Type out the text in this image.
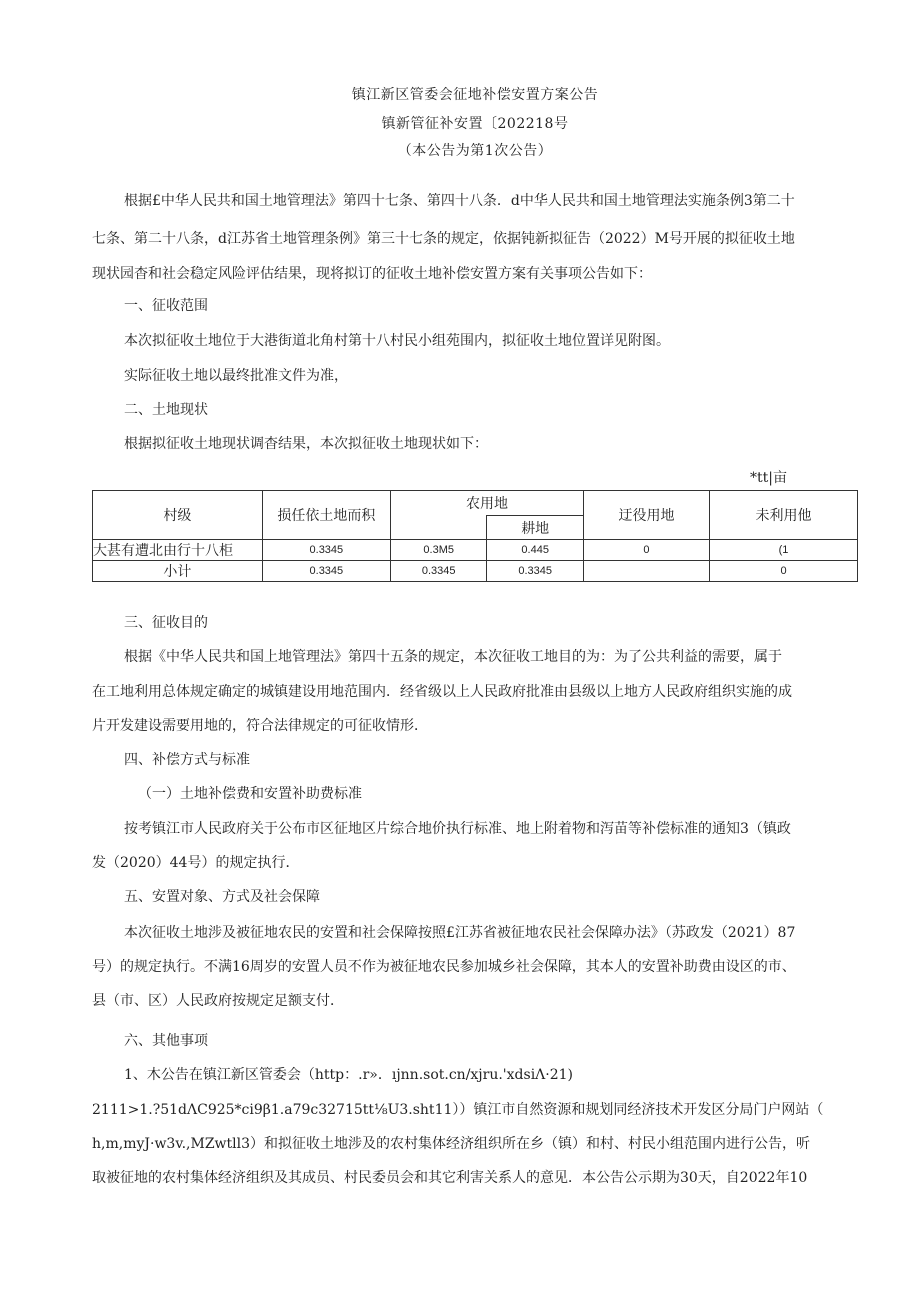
镇江新区管委会征地补偿安置方案公告
镇新管征补安置〔202218号
（本公告为第1次公告）
根据£中华人民共和国土地管理法》第四十七条、第四十八条．d中华人民共和国土地管理法实施条例3第二十
七条、第二十八条，d江苏省土地管理条例》第三十七条的规定，依据钝新拟征告（2022）M号开展的拟征收土地
现状园杳和社会稳定风险评估结果，现将拟订的征收土地补偿安置方案有关事项公告如下：
一、征收范围
本次拟征收土地位于大港街道北角村第十八村民小组苑围内，拟征收土地位置详见附图。
实际征收土地以最终批准文件为准，
二、土地现状
根据拟征收土地现状调杳结果，本次拟征收土地现状如下：
*tt|亩
村级	损任依土地而积	农用地		迂役用地	未利用他
			耕地		
大甚有遭北由行十八柜	0.3345	0.3M5	0.445	0	(1
小计	0.3345	0.3345	0.3345		0
三、征收目的
根据《中华人民共和国上地管理法》第四十五条的规定，本次征收工地目的为：为了公共利益的需要，属于
在工地利用总体规定确定的城镇建设用地范围内．经省级以上人民政府批准由县级以上地方人民政府组织实施的成
片开发建设需要用地的，符合法律规定的可征收情形．
四、补偿方式与标准
（一）土地补偿费和安置补助费标准
按考镇江市人民政府关于公布市区征地区片综合地价执行标准、地上附着物和泻苗等补偿标准的通知3（镇政
发（2020）44号）的规定执行．
五、安置对象、方式及社会保障
本次征收土地涉及被征地农民的安置和社会保障按照£江苏省被征地农民社会保障办法》（苏政发（2021）87
号）的规定执行。不满16周岁的安置人员不作为被征地农民参加城乡社会保障，其本人的安置补助费由设区的市、
县（市、区）人民政府按规定足额支付．
六、其他事项
1、木公告在镇江新区管委会（http：.r»．ıjnn.sot.cn/xjru.'xdsiΛ·21)
2111>1.?51dΛC925*ci9β1.a79c32715tt⅛U3.sht11））镇江市自然资源和规划同经济技术开发区分局门户网站（
h,m,myJ·w3v.,MZwtll3）和拟征收土地涉及的农村集体经济组织所在乡（镇）和村、村民小组范围内进行公告，听
取被征地的农村集体经济组织及其成员、村民委员会和其它利害关系人的意见．本公告公示期为30天，自2022年10
